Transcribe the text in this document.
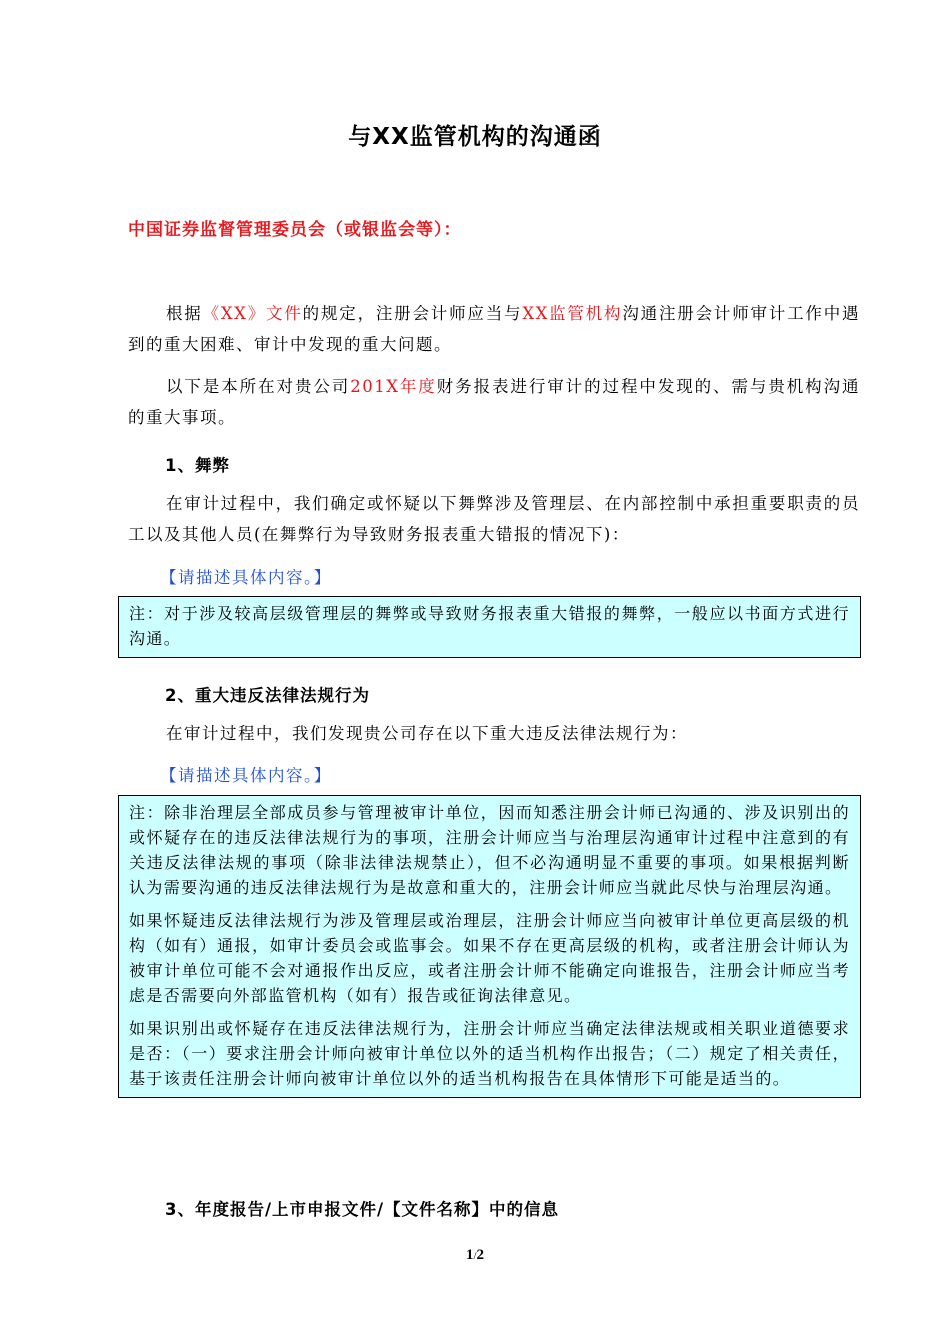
与XX监管机构的沟通函
中国证券监督管理委员会（或银监会等）：
根据《XX》文件的规定，注册会计师应当与XX监管机构沟通注册会计师审计工作中遇到的重大困难、审计中发现的重大问题。
以下是本所在对贵公司201X年度财务报表进行审计的过程中发现的、需与贵机构沟通的重大事项。
1、舞弊
在审计过程中，我们确定或怀疑以下舞弊涉及管理层、在内部控制中承担重要职责的员工以及其他人员(在舞弊行为导致财务报表重大错报的情况下)：
【请描述具体内容。】

注：对于涉及较高层级管理层的舞弊或导致财务报表重大错报的舞弊，一般应以书面方式进行沟通。

2、重大违反法律法规行为
在审计过程中，我们发现贵公司存在以下重大违反法律法规行为：
【请描述具体内容。】

注：除非治理层全部成员参与管理被审计单位，因而知悉注册会计师已沟通的、涉及识别出的或怀疑存在的违反法律法规行为的事项，注册会计师应当与治理层沟通审计过程中注意到的有关违反法律法规的事项（除非法律法规禁止），但不必沟通明显不重要的事项。如果根据判断认为需要沟通的违反法律法规行为是故意和重大的，注册会计师应当就此尽快与治理层沟通。

如果怀疑违反法律法规行为涉及管理层或治理层，注册会计师应当向被审计单位更高层级的机构（如有）通报，如审计委员会或监事会。如果不存在更高层级的机构，或者注册会计师认为被审计单位可能不会对通报作出反应，或者注册会计师不能确定向谁报告，注册会计师应当考虑是否需要向外部监管机构（如有）报告或征询法律意见。

如果识别出或怀疑存在违反法律法规行为，注册会计师应当确定法律法规或相关职业道德要求是否：（一）要求注册会计师向被审计单位以外的适当机构作出报告；（二）规定了相关责任，基于该责任注册会计师向被审计单位以外的适当机构报告在具体情形下可能是适当的。

3、年度报告/上市申报文件/【文件名称】中的信息
1/2
